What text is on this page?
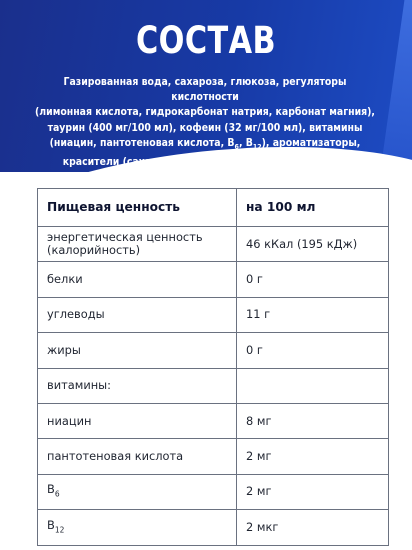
СОСТАВ
Газированная вода, сахароза, глюкоза, регуляторы кислотности
(лимонная кислота, гидрокарбонат натрия, карбонат магния),
таурин (400 мг/100 мл), кофеин (32 мг/100 мл), витамины
(ниацин, пантотеновая кислота, $B_6$, $B_{12}$), ароматизаторы,
красители (сахарный колер I простой, рибофлавин)
Пищевая ценность	на 100 мл
энергетическая ценность (калорийность)	46 кКал (195 кДж)
белки	0 г
углеводы	11 г
жиры	0 г
витамины:	
ниацин	8 мг
пантотеновая кислота	2 мг
$B_6$	2 мг
$B_{12}$	2 мкг
